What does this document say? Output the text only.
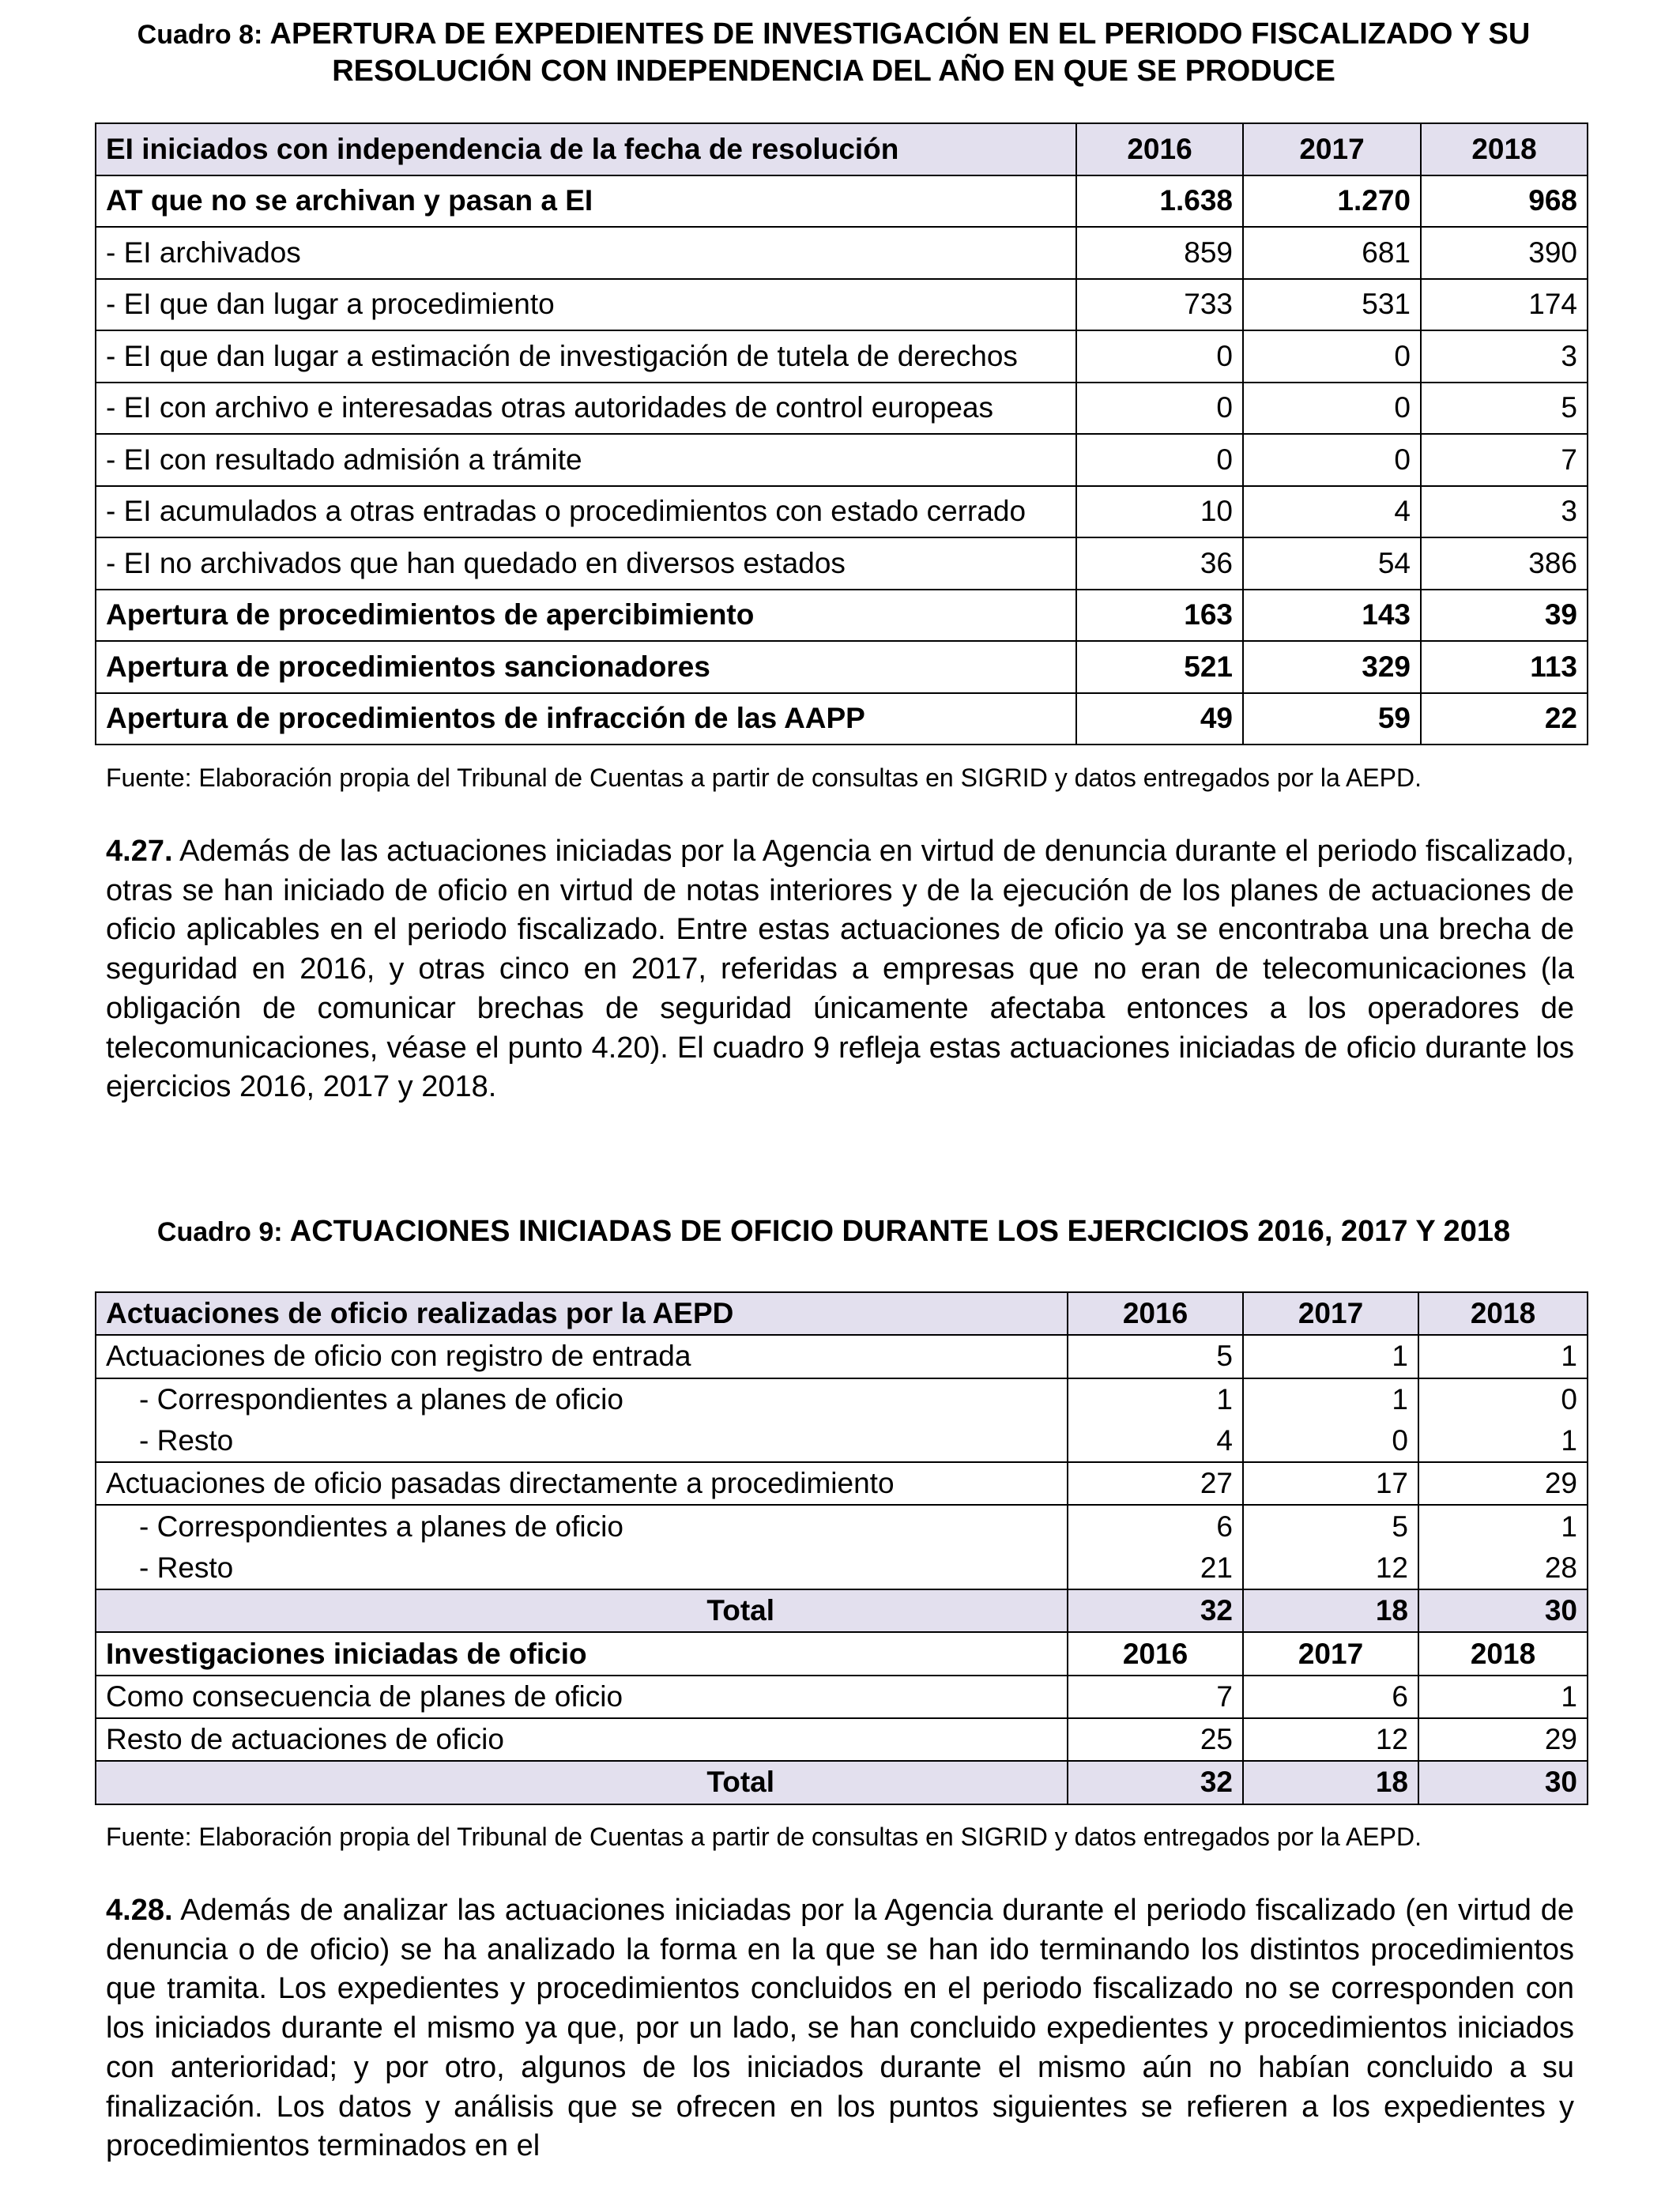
Cuadro 8: APERTURA DE EXPEDIENTES DE INVESTIGACIÓN EN EL PERIODO FISCALIZADO Y SU
RESOLUCIÓN CON INDEPENDENCIA DEL AÑO EN QUE SE PRODUCE
EI iniciados con independencia de la fecha de resolución	2016	2017	2018
AT que no se archivan y pasan a EI	1.638	1.270	968
- EI archivados	859	681	390
- EI que dan lugar a procedimiento	733	531	174
- EI que dan lugar a estimación de investigación de tutela de derechos	0	0	3
- EI con archivo e interesadas otras autoridades de control europeas	0	0	5
- EI con resultado admisión a trámite	0	0	7
- EI acumulados a otras entradas o procedimientos con estado cerrado	10	4	3
- EI no archivados que han quedado en diversos estados	36	54	386
Apertura de procedimientos de apercibimiento	163	143	39
Apertura de procedimientos sancionadores	521	329	113
Apertura de procedimientos de infracción de las AAPP	49	59	22
Fuente: Elaboración propia del Tribunal de Cuentas a partir de consultas en SIGRID y datos entregados por la AEPD.

4.27. Además de las actuaciones iniciadas por la Agencia en virtud de denuncia durante el periodo fiscalizado, otras se han iniciado de oficio en virtud de notas interiores y de la ejecución de los planes de actuaciones de oficio aplicables en el periodo fiscalizado. Entre estas actuaciones de oficio ya se encontraba una brecha de seguridad en 2016, y otras cinco en 2017, referidas a empresas que no eran de telecomunicaciones (la obligación de comunicar brechas de seguridad únicamente afectaba entonces a los operadores de telecomunicaciones, véase el punto 4.20). El cuadro 9 refleja estas actuaciones iniciadas de oficio durante los ejercicios 2016, 2017 y 2018.

Cuadro 9: ACTUACIONES INICIADAS DE OFICIO DURANTE LOS EJERCICIOS 2016, 2017 Y 2018
Actuaciones de oficio realizadas por la AEPD	2016	2017	2018
Actuaciones de oficio con registro de entrada	5	1	1
- Correspondientes a planes de oficio	1	1	0
- Resto	4	0	1
Actuaciones de oficio pasadas directamente a procedimiento	27	17	29
- Correspondientes a planes de oficio	6	5	1
- Resto	21	12	28
Total	32	18	30
Investigaciones iniciadas de oficio	2016	2017	2018
Como consecuencia de planes de oficio	7	6	1
Resto de actuaciones de oficio	25	12	29
Total	32	18	30
Fuente: Elaboración propia del Tribunal de Cuentas a partir de consultas en SIGRID y datos entregados por la AEPD.

4.28. Además de analizar las actuaciones iniciadas por la Agencia durante el periodo fiscalizado (en virtud de denuncia o de oficio) se ha analizado la forma en la que se han ido terminando los distintos procedimientos que tramita. Los expedientes y procedimientos concluidos en el periodo fiscalizado no se corresponden con los iniciados durante el mismo ya que, por un lado, se han concluido expedientes y procedimientos iniciados con anterioridad; y por otro, algunos de los iniciados durante el mismo aún no habían concluido a su finalización. Los datos y análisis que se ofrecen en los puntos siguientes se refieren a los expedientes y procedimientos terminados en el
